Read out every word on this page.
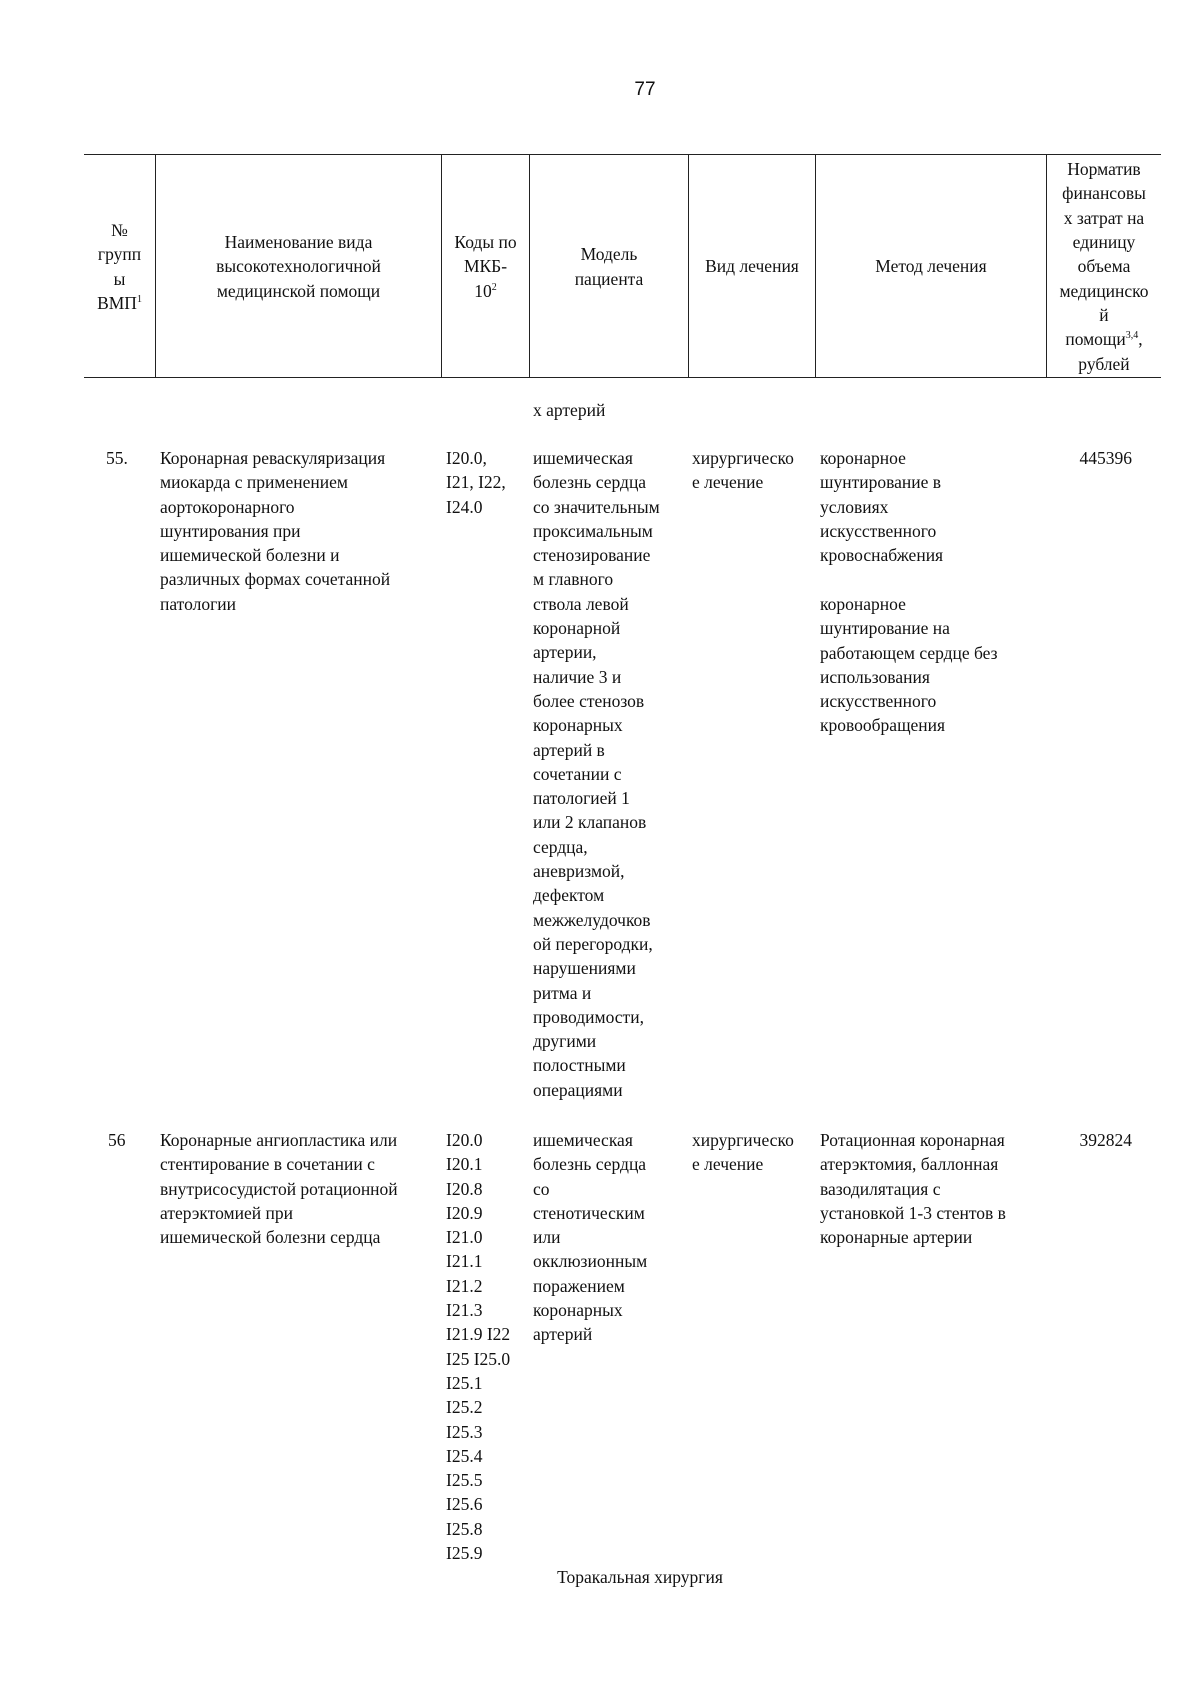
77
№
групп
ы
ВМП$^1$
Наименование вида
высокотехнологичной
медицинской помощи
Коды по
МКБ-
$10^2$
Модель
пациента
Вид лечения	Метод лечения
Норматив
финансовы
х затрат на
единицу
объема
медицинско
й
помощи$^{3,4}$,
рублей
х артерий
55. Коронарная реваскуляризация
миокарда с применением
аортокоронарного
шунтирования при
ишемической болезни и
различных формах сочетанной
патологии
I20.0,
I21, I22,
I24.0
ишемическая
болезнь сердца
со значительным
проксимальным
стенозирование
м главного
ствола левой
коронарной
артерии,
наличие 3 и
более стенозов
коронарных
артерий в
сочетании с
патологией 1
или 2 клапанов
сердца,
аневризмой,
дефектом
межжелудочков
ой перегородки,
нарушениями
ритма и
проводимости,
другими
полостными
операциями
хирургическо
е лечение
коронарное
шунтирование в
условиях
искусственного
кровоснабжения
коронарное
шунтирование на
работающем сердце без
использования
искусственного
кровообращения
445396
56 Коронарные ангиопластика или
стентирование в сочетании с
внутрисосудистой ротационной
атерэктомией при
ишемической болезни сердца
I20.0
I20.1
I20.8
I20.9
I21.0
I21.1
I21.2
I21.3
I21.9 I22
I25 I25.0
I25.1
I25.2
I25.3
I25.4
I25.5
I25.6
I25.8
I25.9
ишемическая
болезнь сердца
со
стенотическим
или
окклюзионным
поражением
коронарных
артерий
хирургическо
е лечение
Ротационная коронарная
атерэктомия, баллонная
вазодилятация с
установкой 1-3 стентов в
коронарные артерии
392824
Торакальная хирургия
